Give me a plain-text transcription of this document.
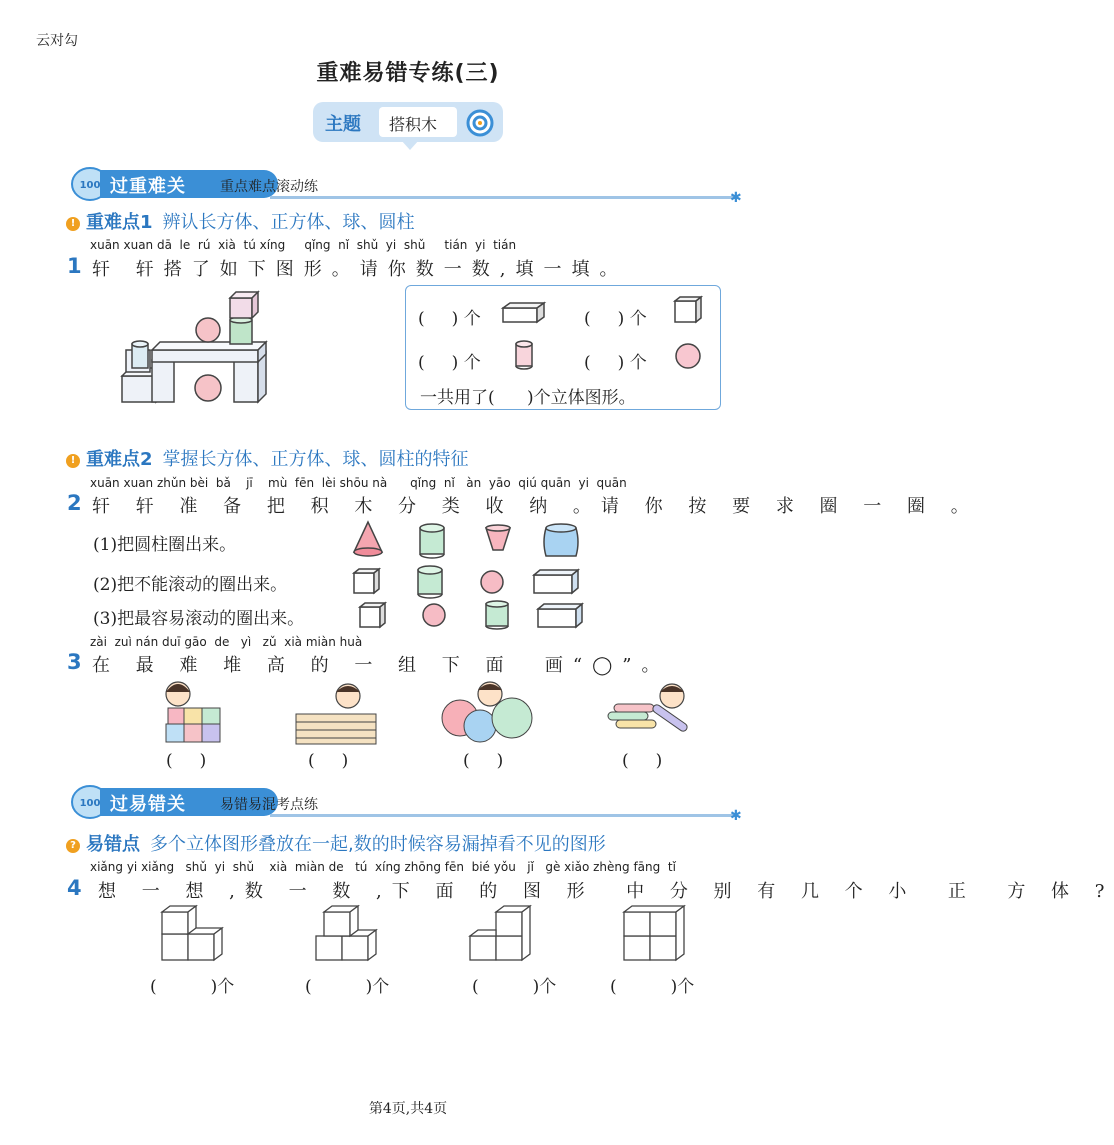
云对勾
重难易错专练(三)
主题 搭积木
100 过重难关 重点难点滚动练
✱
! 重难点1 辨认长方体、正方体、球、圆柱
1
xuān xuan dā  le  rú  xià  tú xíng     qǐng  nǐ  shǔ  yi  shǔ     tián  yi  tián
轩 轩搭了如下图形。请你数一数,填一填。
(     ) 个	(     ) 个
(     ) 个	(     ) 个
一共用了(      )个立体图形。
! 重难点2 掌握长方体、正方体、球、圆柱的特征
2
xuān xuan zhǔn bèi  bǎ    jī    mù  fēn  lèi shōu nà      qǐng  nǐ   àn  yāo  qiú quān  yi  quān
轩 轩 准 备 把 积 木 分 类 收 纳 。请 你 按 要 求 圈 一 圈 。
(1)把圆柱圈出来。
(2)把不能滚动的圈出来。
(3)把最容易滚动的圈出来。
3
zài  zuì nán duī gāo  de   yì   zǔ  xià miàn huà
在 最 难 堆 高 的 一 组 下 面  画“◯”。
(     )	(     )	(     )	(     )
100 过易错关 易错易混考点练
✱
? 易错点 多个立体图形叠放在一起,数的时候容易漏掉看不见的图形
4
xiǎng yi xiǎng   shǔ  yi  shǔ    xià  miàn de   tú  xíng zhōng fēn  bié yǒu   jǐ   gè xiǎo zhèng fāng  tǐ
想 一 想 ,数 一 数 ,下 面 的 图 形  中 分 别 有 几 个 小  正  方 体 ?
(          )个	(          )个	(          )个	(          )个
第4页,共4页
